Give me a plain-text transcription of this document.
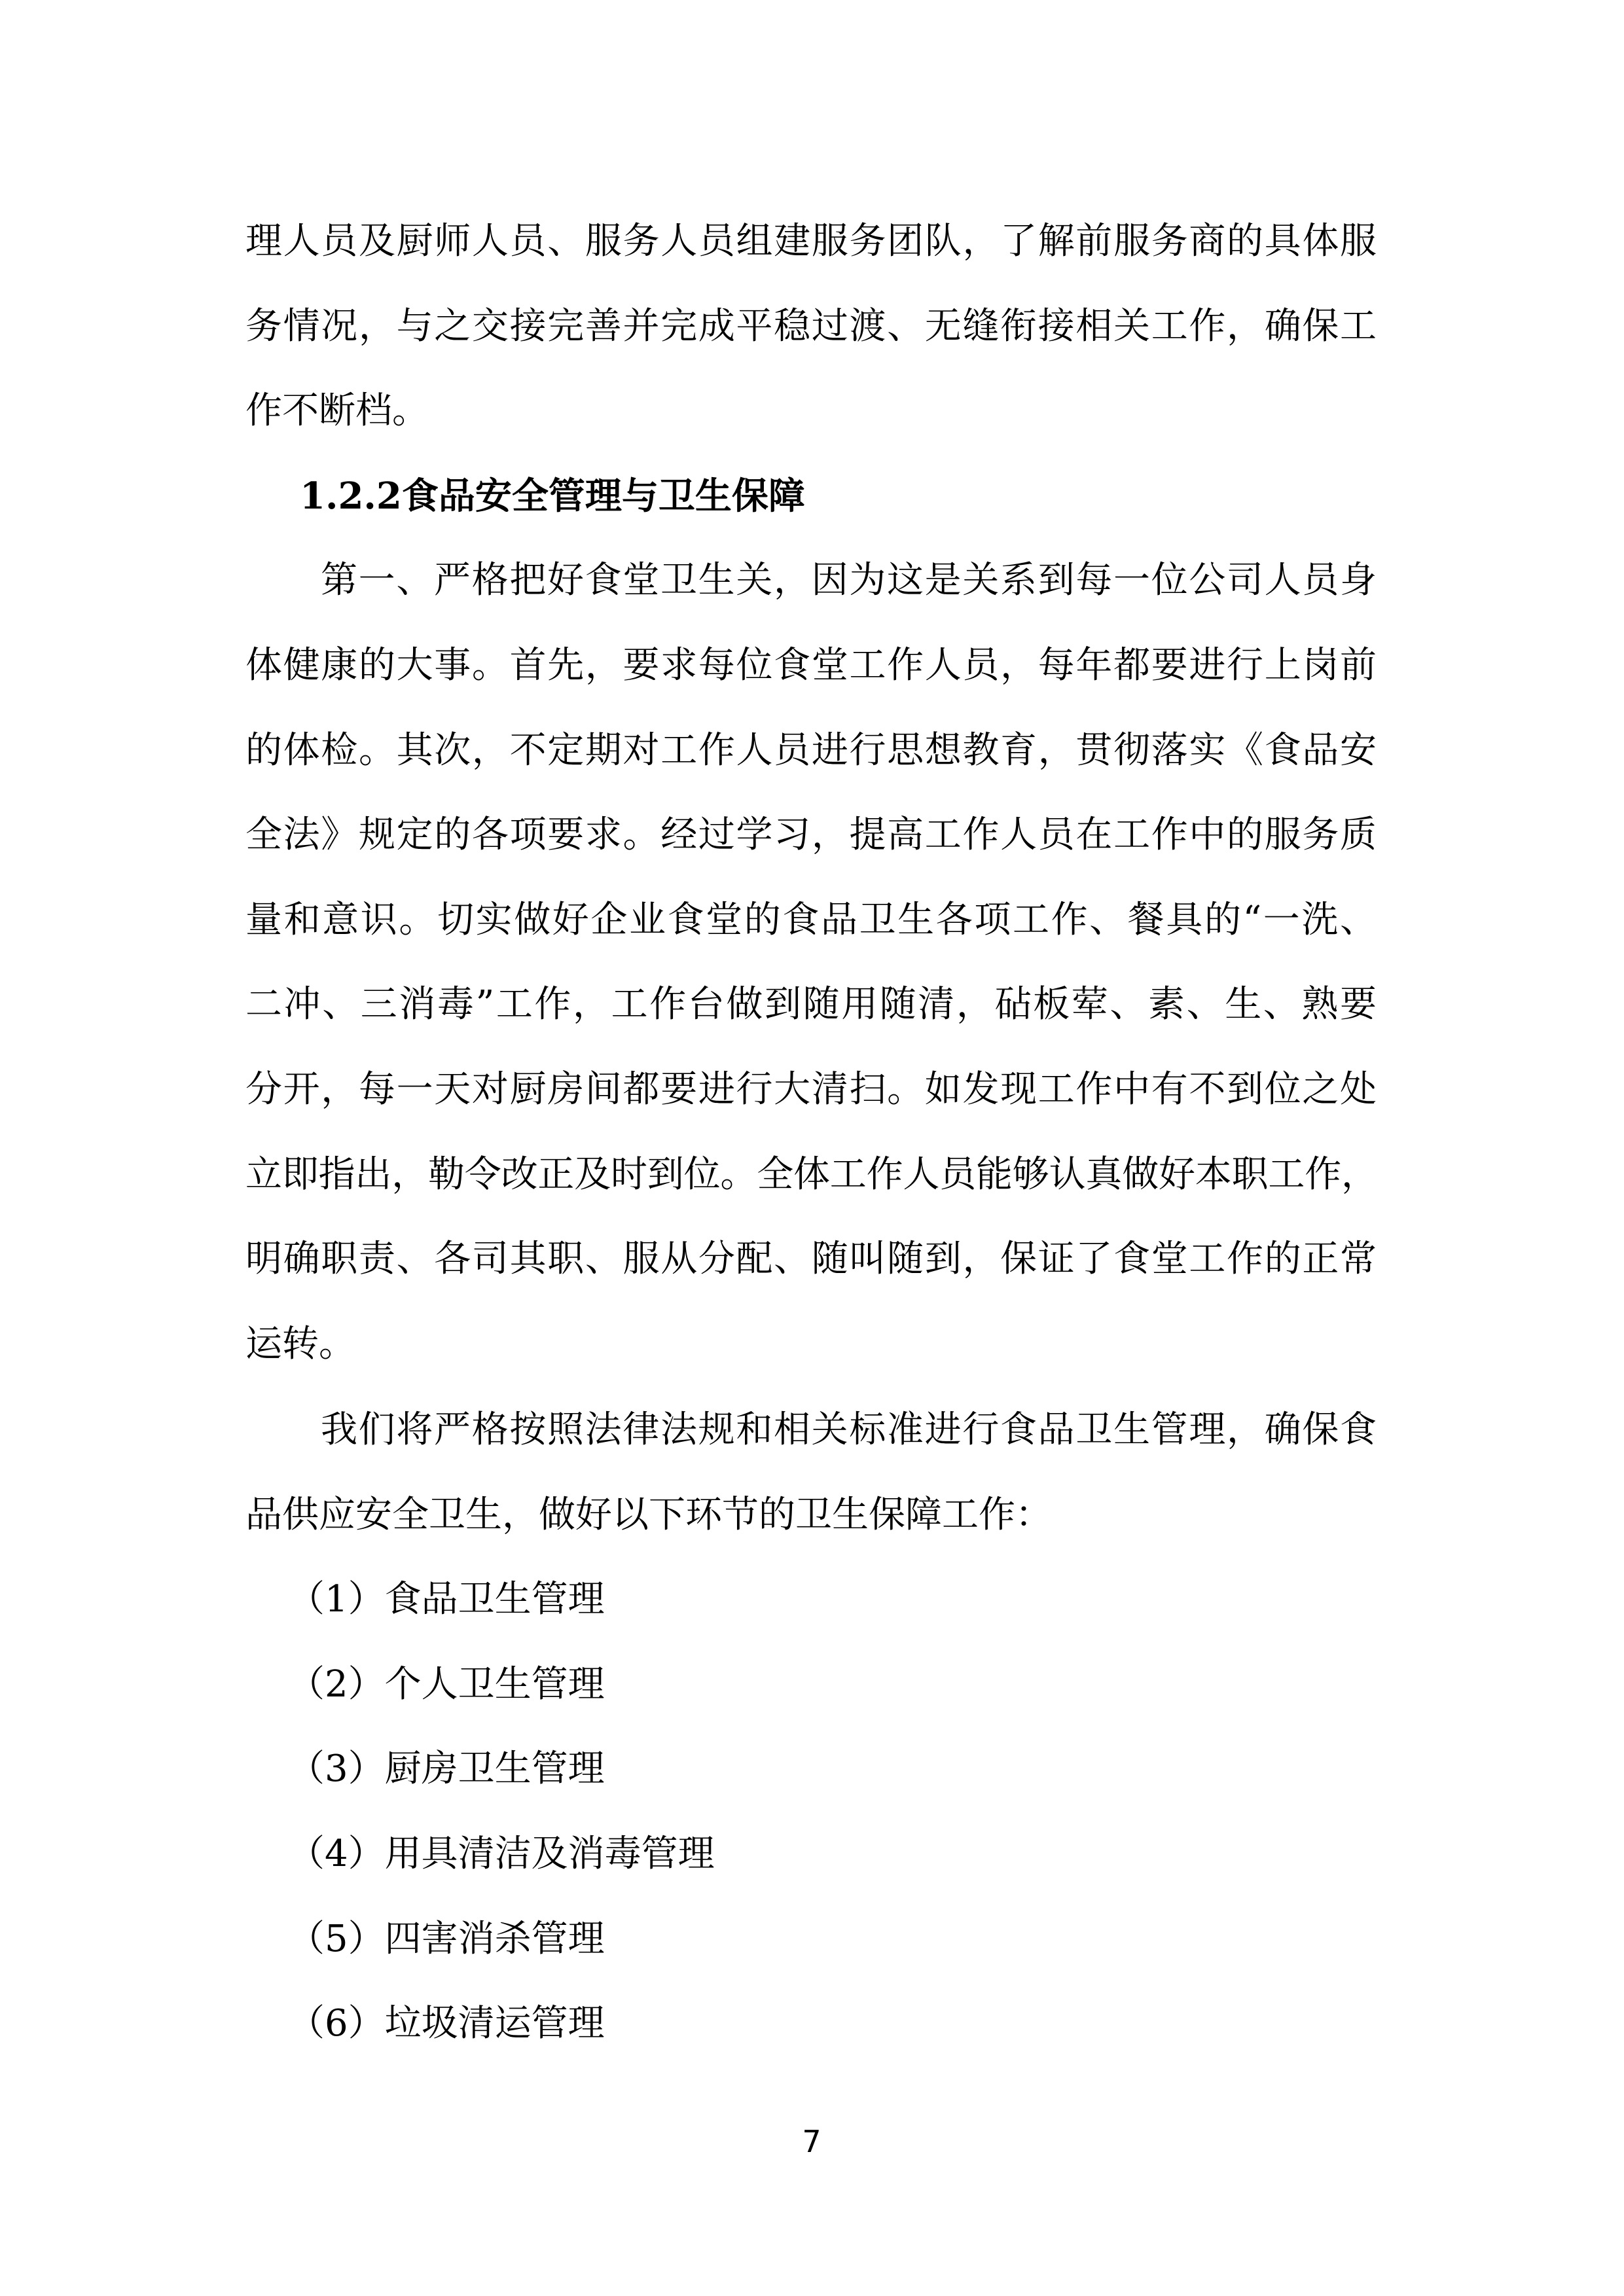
理人员及厨师人员、服务人员组建服务团队，了解前服务商的具体服
务情况，与之交接完善并完成平稳过渡、无缝衔接相关工作，确保工
作不断档。
1.2.2食品安全管理与卫生保障
第一、严格把好食堂卫生关，因为这是关系到每一位公司人员身
体健康的大事。首先，要求每位食堂工作人员，每年都要进行上岗前
的体检。其次，不定期对工作人员进行思想教育，贯彻落实《食品安
全法》规定的各项要求。经过学习，提高工作人员在工作中的服务质
量和意识。切实做好企业食堂的食品卫生各项工作、餐具的“一洗、
二冲、三消毒”工作，工作台做到随用随清，砧板荤、素、生、熟要
分开，每一天对厨房间都要进行大清扫。如发现工作中有不到位之处
立即指出，勒令改正及时到位。全体工作人员能够认真做好本职工作，
明确职责、各司其职、服从分配、随叫随到，保证了食堂工作的正常
运转。
我们将严格按照法律法规和相关标准进行食品卫生管理，确保食
品供应安全卫生，做好以下环节的卫生保障工作：
（1）食品卫生管理
（2）个人卫生管理
（3）厨房卫生管理
（4）用具清洁及消毒管理
（5）四害消杀管理
（6）垃圾清运管理
7
